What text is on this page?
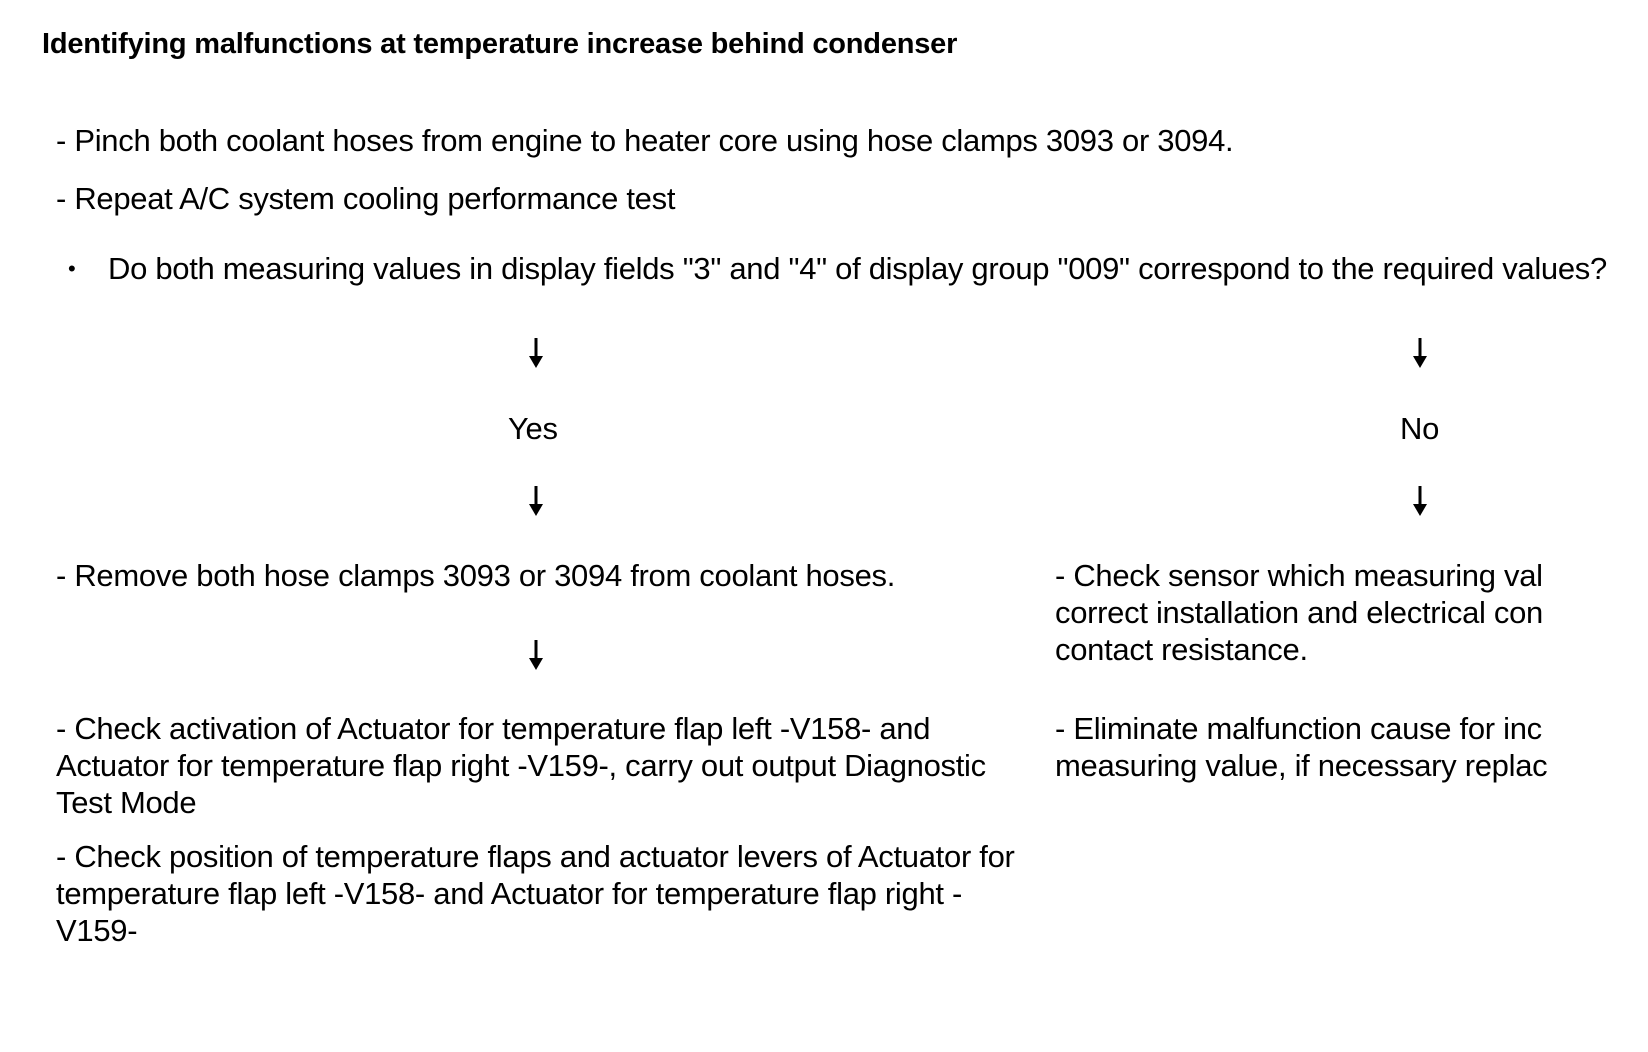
Identifying malfunctions at temperature increase behind condenser
- Pinch both coolant hoses from engine to heater core using hose clamps 3093 or 3094.
- Repeat A/C system cooling performance test
• Do both measuring values in display fields "3" and "4" of display group "009" correspond to the required values?
Yes	No
- Remove both hose clamps 3093 or 3094 from coolant hoses.
- Check activation of Actuator for temperature flap left -V158- and Actuator for temperature flap right -V159-, carry out output Diagnostic Test Mode
- Check position of temperature flaps and actuator levers of Actuator for temperature flap left -V158- and Actuator for temperature flap right -V159-
- Check sensor which measuring val
correct installation and electrical con
contact resistance.
- Eliminate malfunction cause for inc
measuring value, if necessary replac
